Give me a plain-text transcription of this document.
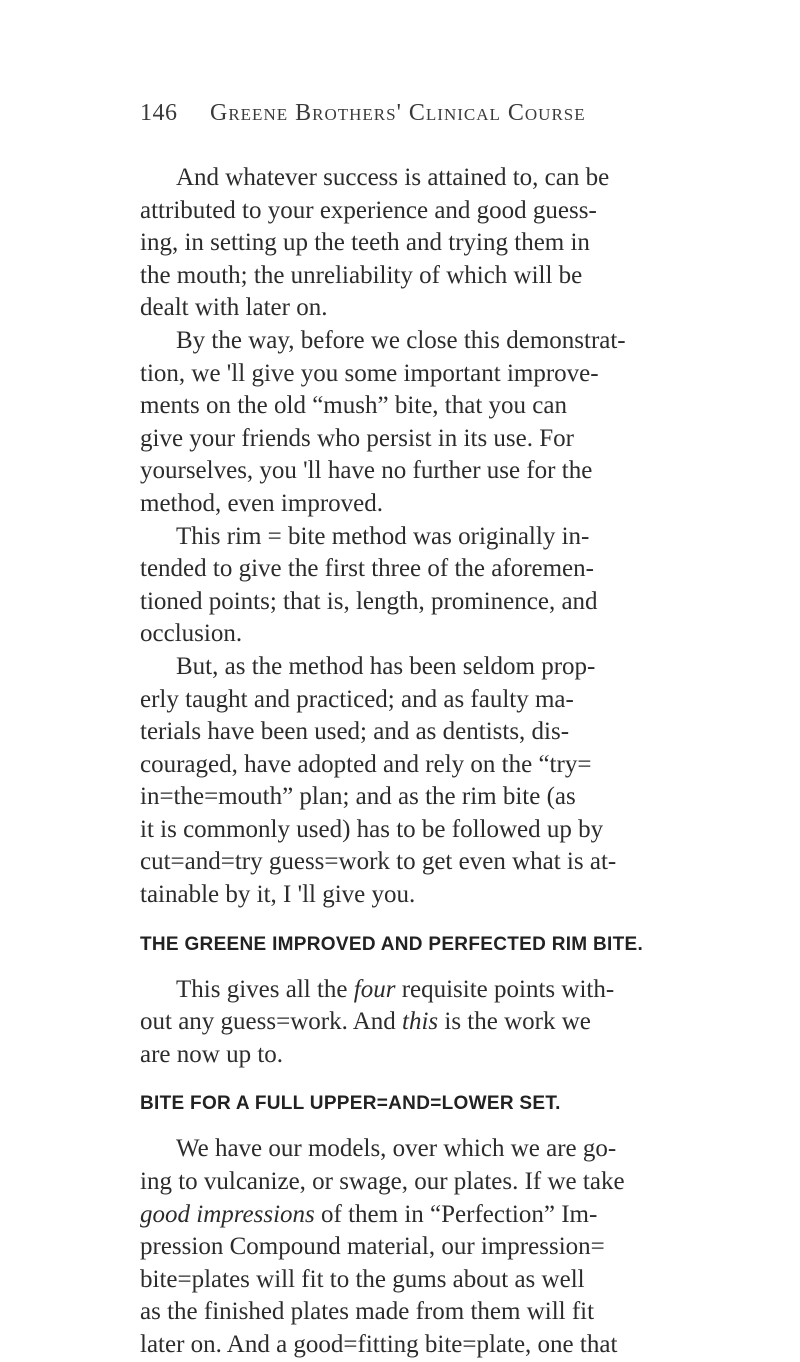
146	Greene Brothers' Clinical Course

And whatever success is attained to, can be
attributed to your experience and good guess-
ing, in setting up the teeth and trying them in
the mouth; the unreliability of which will be
dealt with later on.

By the way, before we close this demonstrat-
tion, we 'll give you some important improve-
ments on the old “mush” bite, that you can
give your friends who persist in its use. For
yourselves, you 'll have no further use for the
method, even improved.

This rim = bite method was originally in-
tended to give the first three of the aforemen-
tioned points; that is, length, prominence, and
occlusion.

But, as the method has been seldom prop-
erly taught and practiced; and as faulty ma-
terials have been used; and as dentists, dis-
couraged, have adopted and rely on the “try=
in=the=mouth” plan; and as the rim bite (as
it is commonly used) has to be followed up by
cut=and=try guess=work to get even what is at-
tainable by it, I 'll give you.

THE GREENE IMPROVED AND PERFECTED RIM BITE.

This gives all the four requisite points with-
out any guess=work. And this is the work we
are now up to.

BITE FOR A FULL UPPER=AND=LOWER SET.

We have our models, over which we are go-
ing to vulcanize, or swage, our plates. If we take
good impressions of them in “Perfection” Im-
pression Compound material, our impression=
bite=plates will fit to the gums about as well
as the finished plates made from them will fit
later on. And a good=fitting bite=plate, one that
